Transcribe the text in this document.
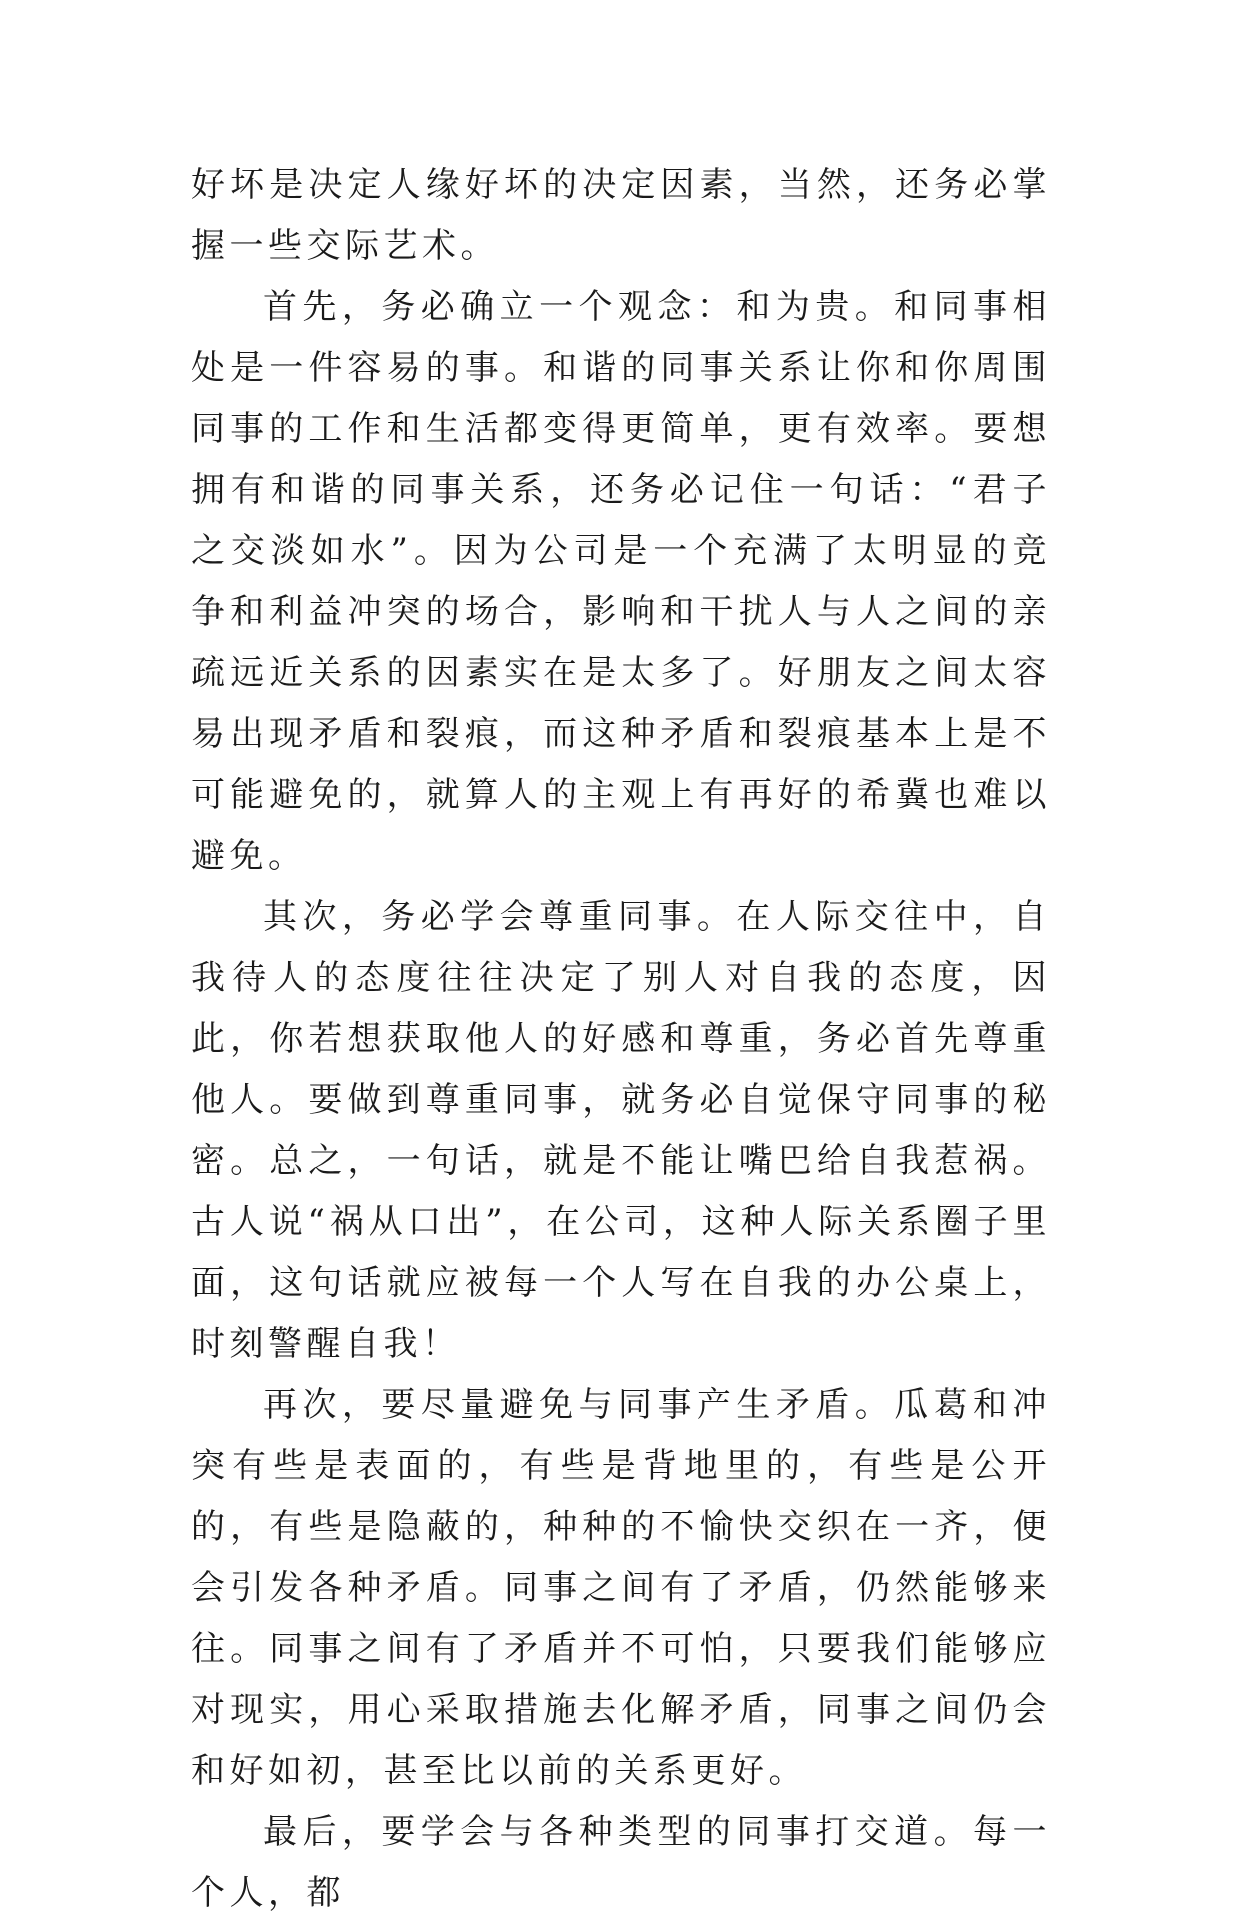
好坏是决定人缘好坏的决定因素，当然，还务必掌握一些交际艺术。

首先，务必确立一个观念：和为贵。和同事相处是一件容易的事。和谐的同事关系让你和你周围同事的工作和生活都变得更简单，更有效率。要想拥有和谐的同事关系，还务必记住一句话：“君子之交淡如水”。因为公司是一个充满了太明显的竞争和利益冲突的场合，影响和干扰人与人之间的亲疏远近关系的因素实在是太多了。好朋友之间太容易出现矛盾和裂痕，而这种矛盾和裂痕基本上是不可能避免的，就算人的主观上有再好的希冀也难以避免。

其次，务必学会尊重同事。在人际交往中，自我待人的态度往往决定了别人对自我的态度，因此，你若想获取他人的好感和尊重，务必首先尊重他人。要做到尊重同事，就务必自觉保守同事的秘密。总之，一句话，就是不能让嘴巴给自我惹祸。古人说“祸从口出”，在公司，这种人际关系圈子里面，这句话就应被每一个人写在自我的办公桌上，时刻警醒自我！

再次，要尽量避免与同事产生矛盾。瓜葛和冲突有些是表面的，有些是背地里的，有些是公开的，有些是隐蔽的，种种的不愉快交织在一齐，便会引发各种矛盾。同事之间有了矛盾，仍然能够来往。同事之间有了矛盾并不可怕，只要我们能够应对现实，用心采取措施去化解矛盾，同事之间仍会和好如初，甚至比以前的关系更好。

最后，要学会与各种类型的同事打交道。每一个人，都
